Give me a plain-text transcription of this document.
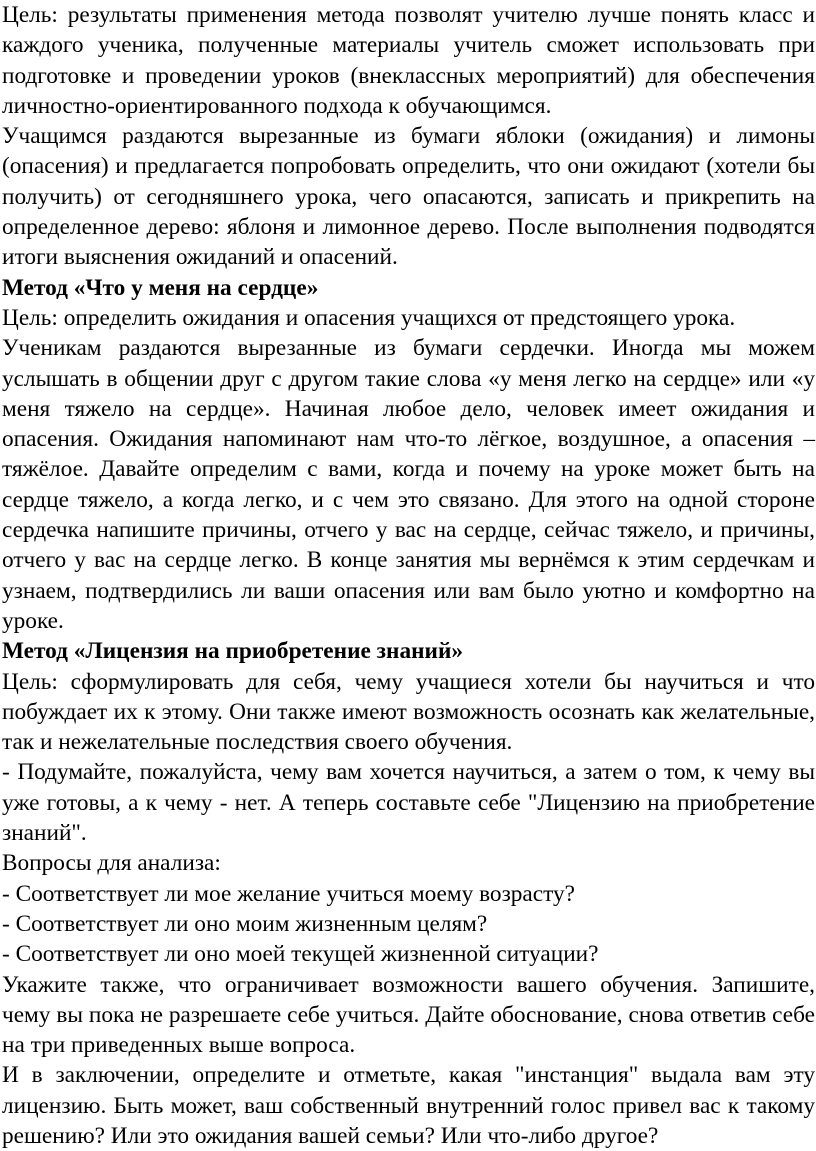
Цель: результаты применения метода позволят учителю лучше понять класс и каждого ученика, полученные материалы учитель сможет использовать при подготовке и проведении уроков (внеклассных мероприятий) для обеспечения личностно-ориентированного подхода к обучающимся.

Учащимся раздаются вырезанные из бумаги яблоки (ожидания) и лимоны (опасения) и предлагается попробовать определить, что они ожидают (хотели бы получить) от сегодняшнего урока, чего опасаются, записать и прикрепить на определенное дерево: яблоня и лимонное дерево. После выполнения подводятся итоги выяснения ожиданий и опасений.

Метод «Что у меня на сердце»

Цель: определить ожидания и опасения учащихся от предстоящего урока.

Ученикам раздаются вырезанные из бумаги сердечки. Иногда мы можем услышать в общении друг с другом такие слова «у меня легко на сердце» или «у меня тяжело на сердце». Начиная любое дело, человек имеет ожидания и опасения. Ожидания напоминают нам что-то лёгкое, воздушное, а опасения – тяжёлое. Давайте определим с вами, когда и почему на уроке может быть на сердце тяжело, а когда легко, и с чем это связано. Для этого на одной стороне сердечка напишите причины, отчего у вас на сердце, сейчас тяжело, и причины, отчего у вас на сердце легко. В конце занятия мы вернёмся к этим сердечкам и узнаем, подтвердились ли ваши опасения или вам было уютно и комфортно на уроке.

Метод «Лицензия на приобретение знаний»

Цель: сформулировать для себя, чему учащиеся хотели бы научиться и что побуждает их к этому. Они также имеют возможность осознать как желательные, так и нежелательные последствия своего обучения.

- Подумайте, пожалуйста, чему вам хочется научиться, а затем о том, к чему вы уже готовы, а к чему - нет. А теперь составьте себе "Лицензию на приобретение знаний".

Вопросы для анализа:

- Соответствует ли мое желание учиться моему возрасту?

- Соответствует ли оно моим жизненным целям?

- Соответствует ли оно моей текущей жизненной ситуации?

Укажите также, что ограничивает возможности вашего обучения. Запишите, чему вы пока не разрешаете себе учиться. Дайте обоснование, снова ответив себе на три приведенных выше вопроса.

И в заключении, определите и отметьте, какая "инстанция" выдала вам эту лицензию. Быть может, ваш собственный внутренний голос привел вас к такому решению? Или это ожидания вашей семьи? Или что-либо другое?
